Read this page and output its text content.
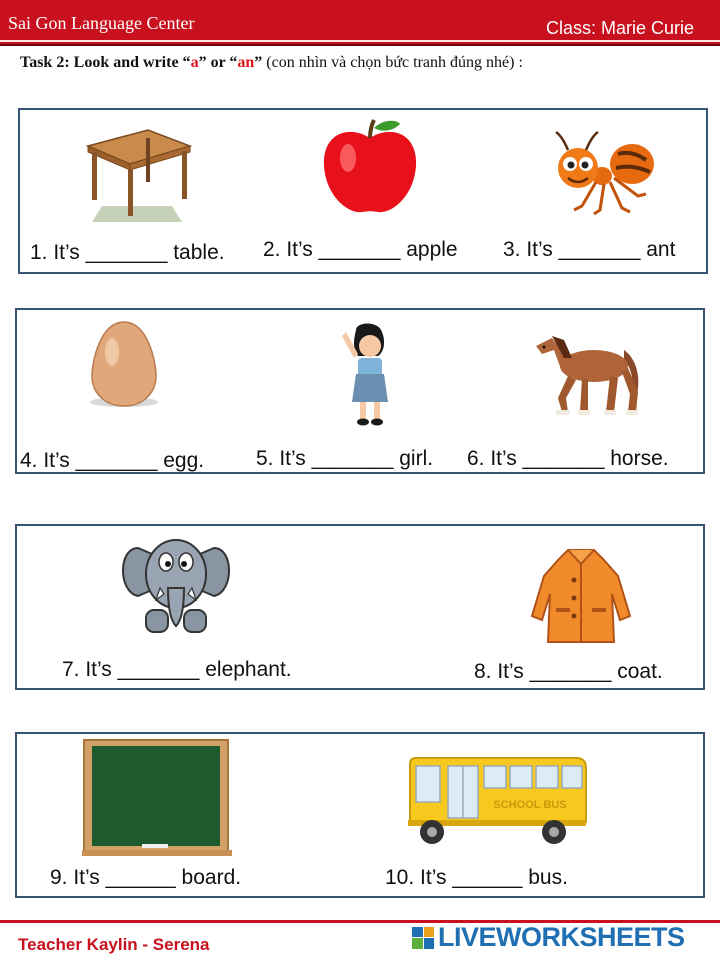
Sai Gon Language Center	Class: Marie Curie
Task 2: Look and write “a” or “an” (con nhìn và chọn bức tranh đúng nhé) :
1. It’s _______ table. 2. It’s _______ apple 3. It’s _______ ant
4. It’s _______ egg. 5. It’s _______ girl. 6. It’s _______ horse.
7. It’s _______ elephant.	8. It’s _______ coat.
SCHOOL BUS
9. It’s ______ board.	10. It’s ______ bus.
Teacher Kaylin - Serena	LIVEWORKSHEETS
